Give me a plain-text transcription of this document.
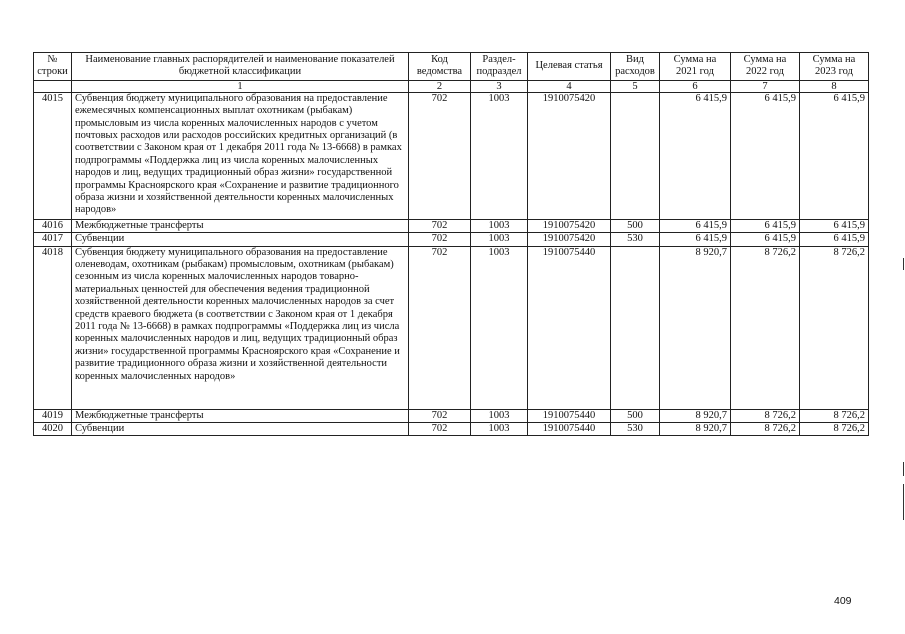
№ строки	Наименование главных распорядителей и наименование показателей бюджетной классификации	Код ведомства	Раздел-подраздел	Целевая статья	Вид расходов	Сумма на 2021 год	Сумма на 2022 год	Сумма на 2023 год
	1	2	3	4	5	6	7	8
4015	Субвенция бюджету муниципального образования на предоставление ежемесячных компенсационных выплат охотникам (рыбакам) промысловым из числа коренных малочисленных народов с учетом почтовых расходов или расходов российских кредитных организаций (в соответствии с Законом края от 1 декабря 2011 года № 13-6668) в рамках подпрограммы «Поддержка лиц из числа коренных малочисленных народов и лиц, ведущих традиционный образ жизни» государственной программы Красноярского края «Сохранение и развитие традиционного образа жизни и хозяйственной деятельности коренных малочисленных народов»	702	1003	1910075420		6 415,9	6 415,9	6 415,9
4016	Межбюджетные трансферты	702	1003	1910075420	500	6 415,9	6 415,9	6 415,9
4017	Субвенции	702	1003	1910075420	530	6 415,9	6 415,9	6 415,9
4018	Субвенция бюджету муниципального образования на предоставление оленеводам, охотникам (рыбакам) промысловым, охотникам (рыбакам) сезонным из числа коренных малочисленных народов товарно-материальных ценностей для обеспечения ведения традиционной хозяйственной деятельности коренных малочисленных народов за счет средств краевого бюджета (в соответствии с Законом края от 1 декабря 2011 года № 13-6668) в рамках подпрограммы «Поддержка лиц из числа коренных малочисленных народов и лиц, ведущих традиционный образ жизни» государственной программы Красноярского края «Сохранение и развитие традиционного образа жизни и хозяйственной деятельности коренных малочисленных народов»	702	1003	1910075440		8 920,7	8 726,2	8 726,2
4019	Межбюджетные трансферты	702	1003	1910075440	500	8 920,7	8 726,2	8 726,2
4020	Субвенции	702	1003	1910075440	530	8 920,7	8 726,2	8 726,2
409
